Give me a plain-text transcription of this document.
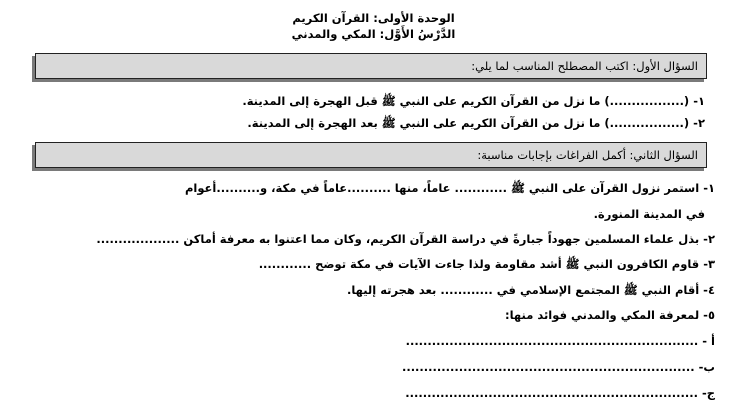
الوحدة الأولى: القرآن الكريم
الدَّرْسُ الأَوَّل: المكي والمدني
السؤال الأول: اكتب المصطلح المناسب لما يلي:
١- (.................) ما نزل من القرآن الكريم على النبي ﷺ قبل الهجرة إلى المدينة.
٢- (.................) ما نزل من القرآن الكريم على النبي ﷺ بعد الهجرة إلى المدينة.
السؤال الثاني: أكمل الفراغات بإجابات مناسبة:
١- استمر نزول القرآن على النبي ﷺ ............ عاماً، منها ..........عاماً في مكة، و..........أعوام
في المدينة المنورة.
٢- بذل علماء المسلمين جهوداً جبارةً في دراسة القرآن الكريم، وكان مما اعتنوا به معرفة أماكن ...................
٣- قاوم الكافرون النبي ﷺ أشد مقاومة ولذا جاءت الآيات في مكة توضح ............
٤- أقام النبي ﷺ المجتمع الإسلامي في ............ بعد هجرته إليها.
٥- لمعرفة المكي والمدني فوائد منها:
أ - ...................................................................
ب- ...................................................................
ج- ...................................................................
